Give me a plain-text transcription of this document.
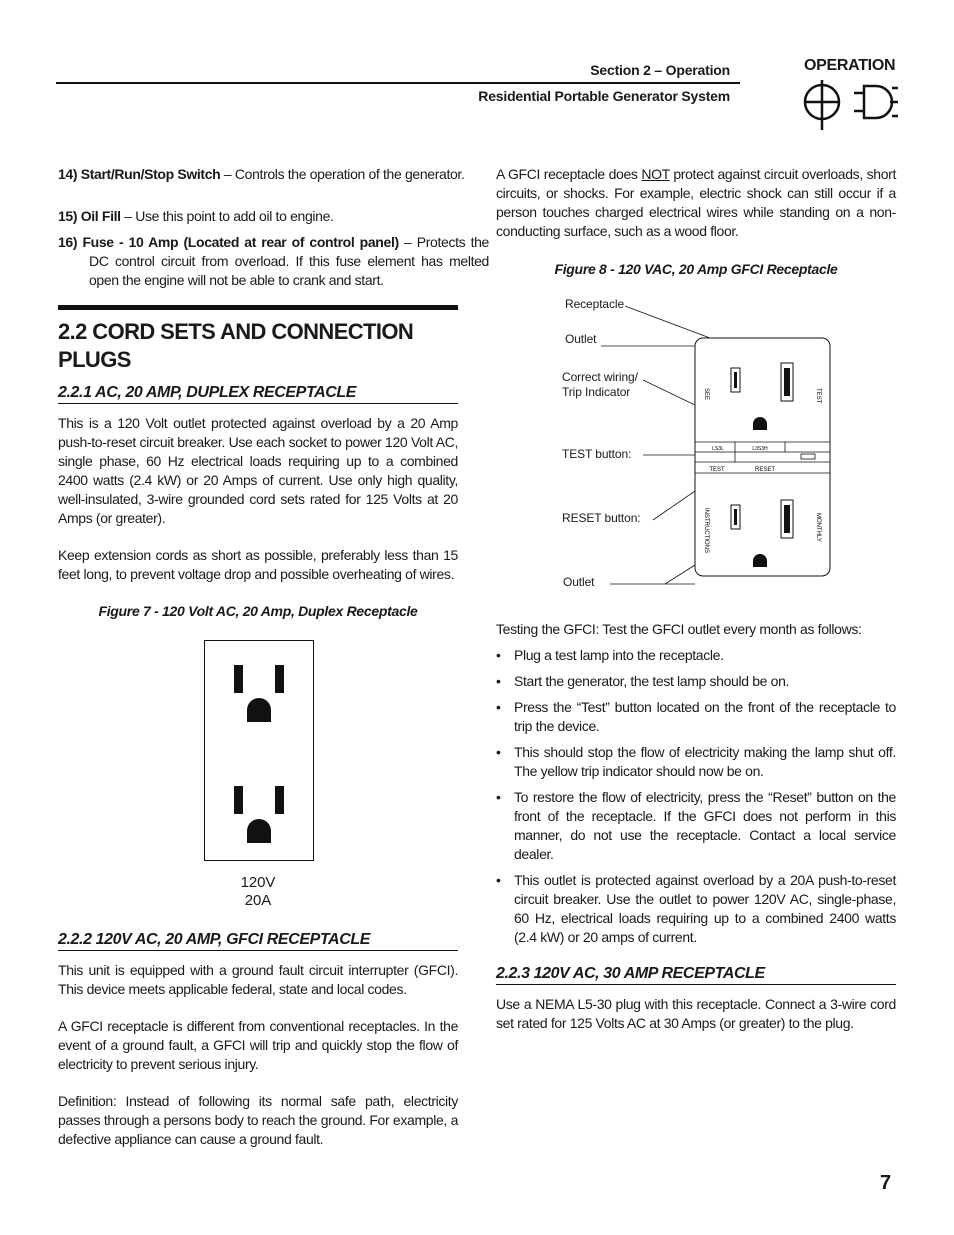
Section 2 – Operation
Residential Portable Generator System
OPERATION
14) Start/Run/Stop Switch – Controls the operation of the generator.
15) Oil Fill – Use this point to add oil to engine.
16) Fuse - 10 Amp (Located at rear of control panel) – Protects the DC control circuit from overload. If this fuse element has melted open the engine will not be able to crank and start.
2.2 CORD SETS AND CONNECTION PLUGS
2.2.1 AC, 20 AMP, DUPLEX RECEPTACLE
This is a 120 Volt outlet protected against overload by a 20 Amp push-to-reset circuit breaker. Use each socket to power 120 Volt AC, single phase, 60 Hz electrical loads requiring up to a combined 2400 watts (2.4 kW) or 20 Amps of current. Use only high quality, well-insulated, 3-wire grounded cord sets rated for 125 Volts at 20 Amps (or greater).
Keep extension cords as short as possible, preferably less than 15 feet long, to prevent voltage drop and possible overheating of wires.
Figure 7 - 120 Volt AC, 20 Amp, Duplex Receptacle
120V
20A
2.2.2 120V AC, 20 AMP, GFCI RECEPTACLE
This unit is equipped with a ground fault circuit interrupter (GFCI). This device meets applicable federal, state and local codes.
A GFCI receptacle is different from conventional receptacles. In the event of a ground fault, a GFCI will trip and quickly stop the flow of electricity to prevent serious injury.
Definition: Instead of following its normal safe path, electricity passes through a persons body to reach the ground. For example, a defective appliance can cause a ground fault.
A GFCI receptacle does NOT protect against circuit overloads, short circuits, or shocks. For example, electric shock can still occur if a person touches charged electrical wires while standing on a non-conducting surface, such as a wood floor.
Figure 8 - 120 VAC, 20 Amp GFCI Receptacle
Receptacle
Outlet
Correct wiring/
Trip Indicator
TEST button:
RESET button:
Outlet
LS3L	L3S3H
TEST	RESET
SEE	TEST
INSTRUCTIONS	MONTHLY
Testing the GFCI: Test the GFCI outlet every month as follows:
• Plug a test lamp into the receptacle.
• Start the generator, the test lamp should be on.
• Press the “Test” button located on the front of the receptacle to trip the device.
• This should stop the flow of electricity making the lamp shut off. The yellow trip indicator should now be on.
• To restore the flow of electricity, press the “Reset” button on the front of the receptacle. If the GFCI does not perform in this manner, do not use the receptacle. Contact a local service dealer.
• This outlet is protected against overload by a 20A push-to-reset circuit breaker. Use the outlet to power 120V AC, single-phase, 60 Hz, electrical loads requiring up to a combined 2400 watts (2.4 kW) or 20 amps of current.
2.2.3 120V AC, 30 AMP RECEPTACLE
Use a NEMA L5-30 plug with this receptacle. Connect a 3-wire cord set rated for 125 Volts AC at 30 Amps (or greater) to the plug.
7
